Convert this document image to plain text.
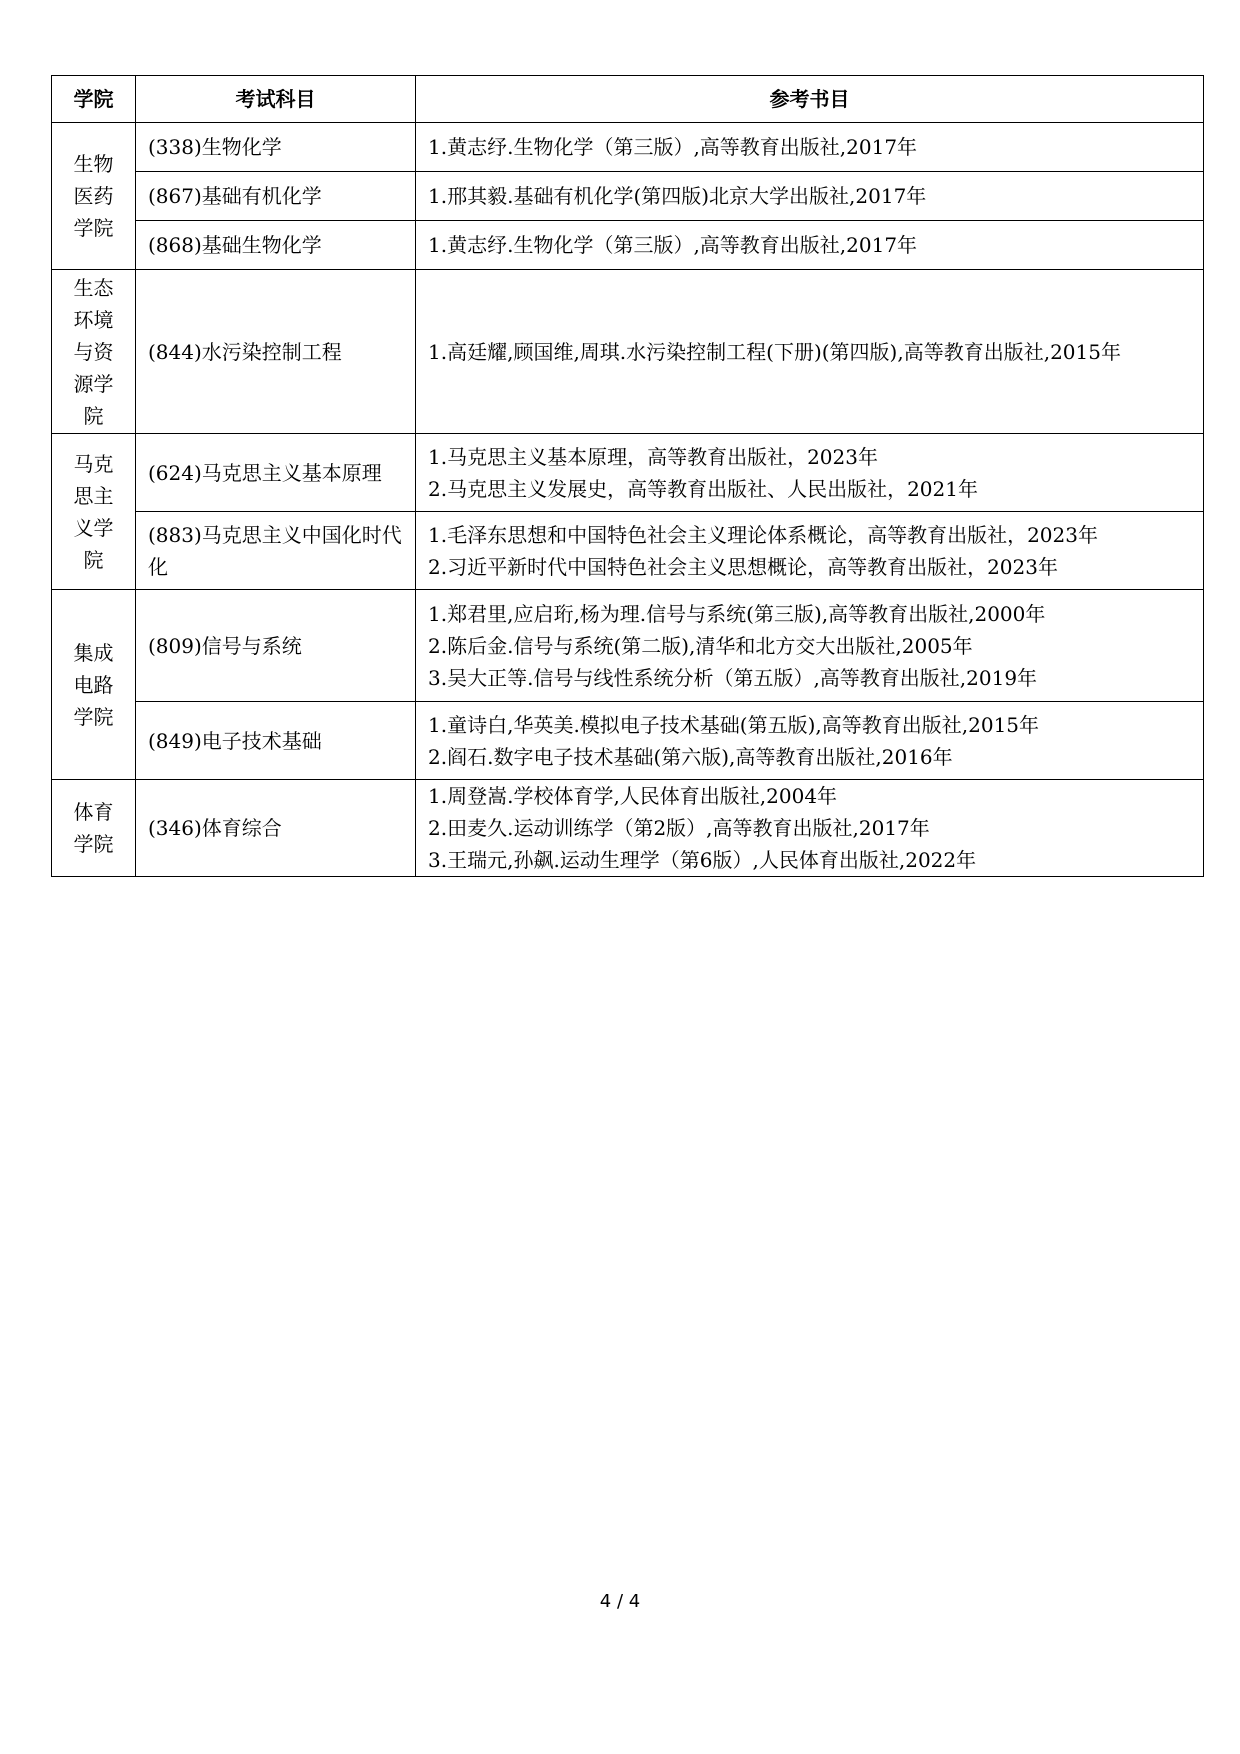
学院	考试科目	参考书目

生物医药学院	(338)生物化学	1.黄志纾.生物化学（第三版）,高等教育出版社,2017年

	(867)基础有机化学	1.邢其毅.基础有机化学(第四版)北京大学出版社,2017年

	(868)基础生物化学	1.黄志纾.生物化学（第三版）,高等教育出版社,2017年

生态环境与资源学院	(844)水污染控制工程	1.高廷耀,顾国维,周琪.水污染控制工程(下册)(第四版),高等教育出版社,2015年

马克思主义学院	(624)马克思主义基本原理	1.马克思主义基本原理，高等教育出版社，2023年
2.马克思主义发展史，高等教育出版社、人民出版社，2021年

	(883)马克思主义中国化时代化	1.毛泽东思想和中国特色社会主义理论体系概论，高等教育出版社，2023年
2.习近平新时代中国特色社会主义思想概论，高等教育出版社，2023年

集成电路学院	(809)信号与系统	1.郑君里,应启珩,杨为理.信号与系统(第三版),高等教育出版社,2000年
2.陈后金.信号与系统(第二版),清华和北方交大出版社,2005年
3.吴大正等.信号与线性系统分析（第五版）,高等教育出版社,2019年

	(849)电子技术基础	1.童诗白,华英美.模拟电子技术基础(第五版),高等教育出版社,2015年
2.阎石.数字电子技术基础(第六版),高等教育出版社,2016年

体育学院	(346)体育综合	1.周登嵩.学校体育学,人民体育出版社,2004年
2.田麦久.运动训练学（第2版）,高等教育出版社,2017年
3.王瑞元,孙飙.运动生理学（第6版）,人民体育出版社,2022年
4 / 4
